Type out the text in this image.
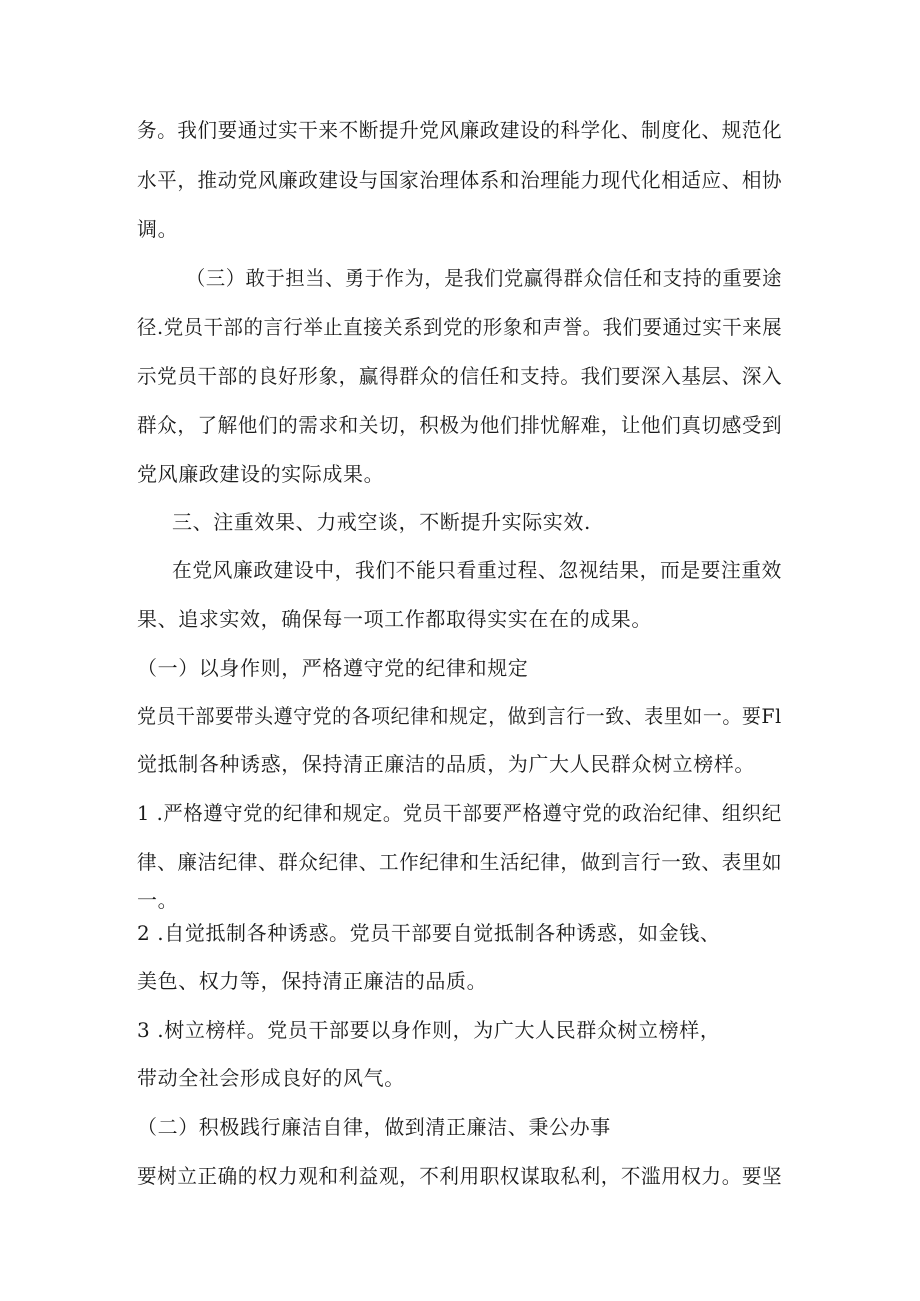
务。我们要通过实干来不断提升党风廉政建设的科学化、制度化、规范化
水平，推动党风廉政建设与国家治理体系和治理能力现代化相适应、相协
调。
（三）敢于担当、勇于作为，是我们党赢得群众信任和支持的重要途
径.党员干部的言行举止直接关系到党的形象和声誉。我们要通过实干来展
示党员干部的良好形象，赢得群众的信任和支持。我们要深入基层、深入
群众，了解他们的需求和关切，积极为他们排忧解难，让他们真切感受到
党风廉政建设的实际成果。
三、注重效果、力戒空谈，不断提升实际实效.
在党风廉政建设中，我们不能只看重过程、忽视结果，而是要注重效
果、追求实效，确保每一项工作都取得实实在在的成果。
（一）以身作则，严格遵守党的纪律和规定
党员干部要带头遵守党的各项纪律和规定，做到言行一致、表里如一。要Fl
觉抵制各种诱惑，保持清正廉洁的品质，为广大人民群众树立榜样。
1 .严格遵守党的纪律和规定。党员干部要严格遵守党的政治纪律、组织纪
律、廉洁纪律、群众纪律、工作纪律和生活纪律，做到言行一致、表里如
一。
2 .自觉抵制各种诱惑。党员干部要自觉抵制各种诱惑，如金钱、
美色、权力等，保持清正廉洁的品质。
3 .树立榜样。党员干部要以身作则，为广大人民群众树立榜样，
带动全社会形成良好的风气。
（二）积极践行廉洁自律，做到清正廉洁、秉公办事
要树立正确的权力观和利益观，不利用职权谋取私利，不滥用权力。要坚
